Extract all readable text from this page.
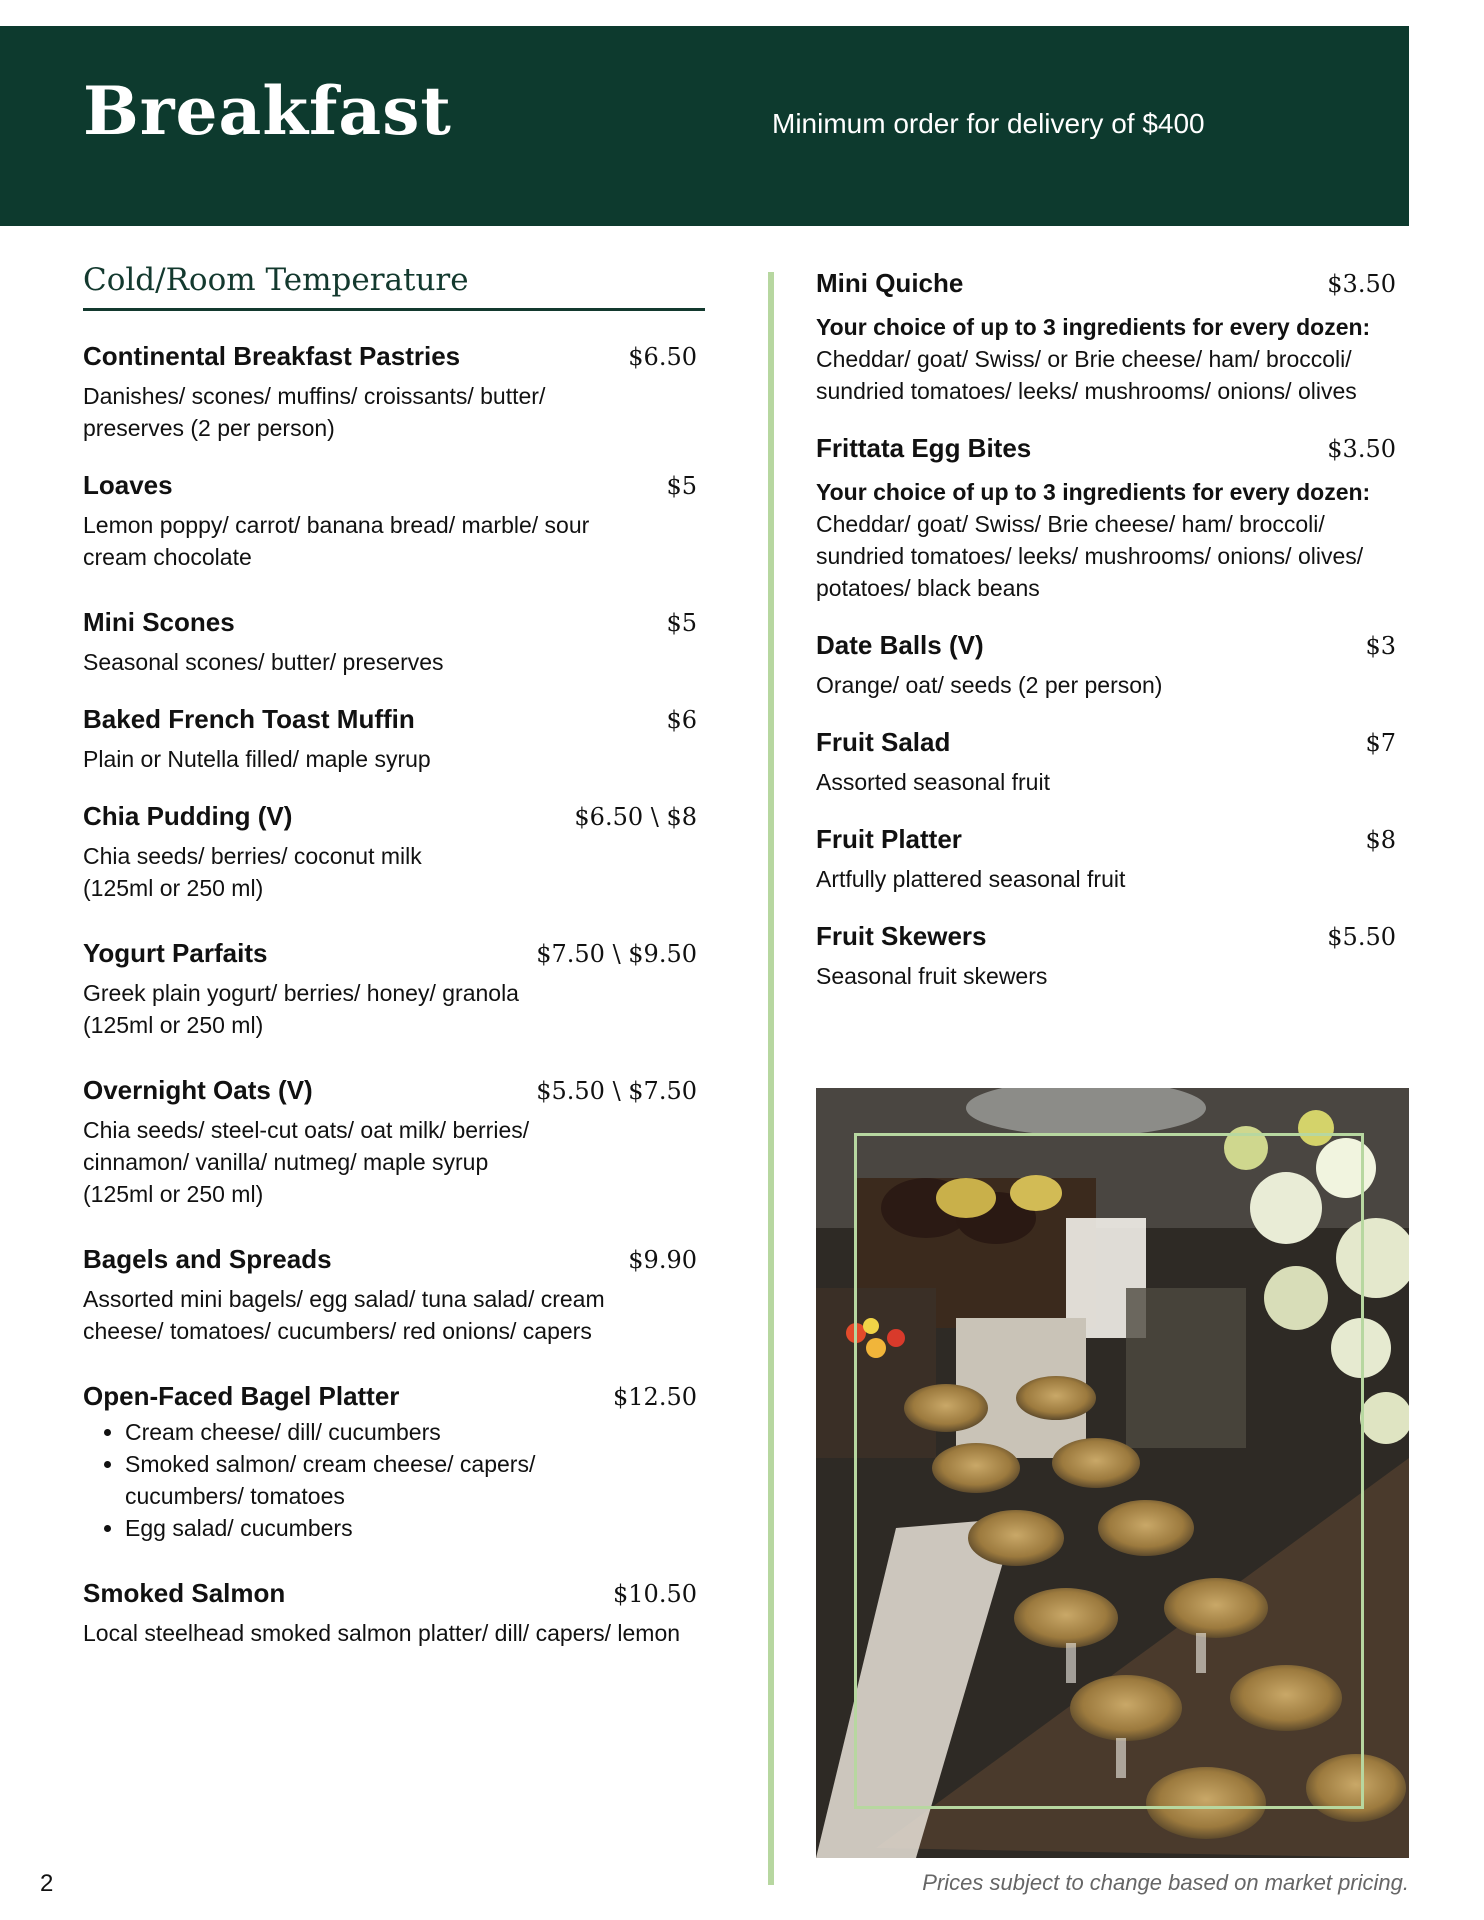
Breakfast	Minimum order for delivery of $400
Cold/Room Temperature
Continental Breakfast Pastries	$6.50
Danishes/ scones/ muffins/ croissants/ butter/ preserves (2 per person)
Loaves	$5
Lemon poppy/ carrot/ banana bread/ marble/ sour cream chocolate
Mini Scones	$5
Seasonal scones/ butter/ preserves
Baked French Toast Muffin	$6
Plain or Nutella filled/ maple syrup
Chia Pudding (V)	$6.50 \ $8
Chia seeds/ berries/ coconut milk
(125ml or 250 ml)
Yogurt Parfaits	$7.50 \ $9.50
Greek plain yogurt/ berries/ honey/ granola
(125ml or 250 ml)
Overnight Oats (V)	$5.50 \ $7.50
Chia seeds/ steel-cut oats/ oat milk/ berries/ cinnamon/ vanilla/ nutmeg/ maple syrup
(125ml or 250 ml)
Bagels and Spreads	$9.90
Assorted mini bagels/ egg salad/ tuna salad/ cream cheese/ tomatoes/ cucumbers/ red onions/ capers
Open-Faced Bagel Platter	$12.50
• Cream cheese/ dill/ cucumbers
• Smoked salmon/ cream cheese/ capers/ cucumbers/ tomatoes
• Egg salad/ cucumbers
Smoked Salmon	$10.50
Local steelhead smoked salmon platter/ dill/ capers/ lemon
Mini Quiche	$3.50
Your choice of up to 3 ingredients for every dozen:
Cheddar/ goat/ Swiss/ or Brie cheese/ ham/ broccoli/ sundried tomatoes/ leeks/ mushrooms/ onions/ olives
Frittata Egg Bites	$3.50
Your choice of up to 3 ingredients for every dozen:
Cheddar/ goat/ Swiss/ Brie cheese/ ham/ broccoli/ sundried tomatoes/ leeks/ mushrooms/ onions/ olives/ potatoes/ black beans
Date Balls (V)	$3
Orange/ oat/ seeds (2 per person)
Fruit Salad	$7
Assorted seasonal fruit
Fruit Platter	$8
Artfully plattered seasonal fruit
Fruit Skewers	$5.50
Seasonal fruit skewers
2	Prices subject to change based on market pricing.
